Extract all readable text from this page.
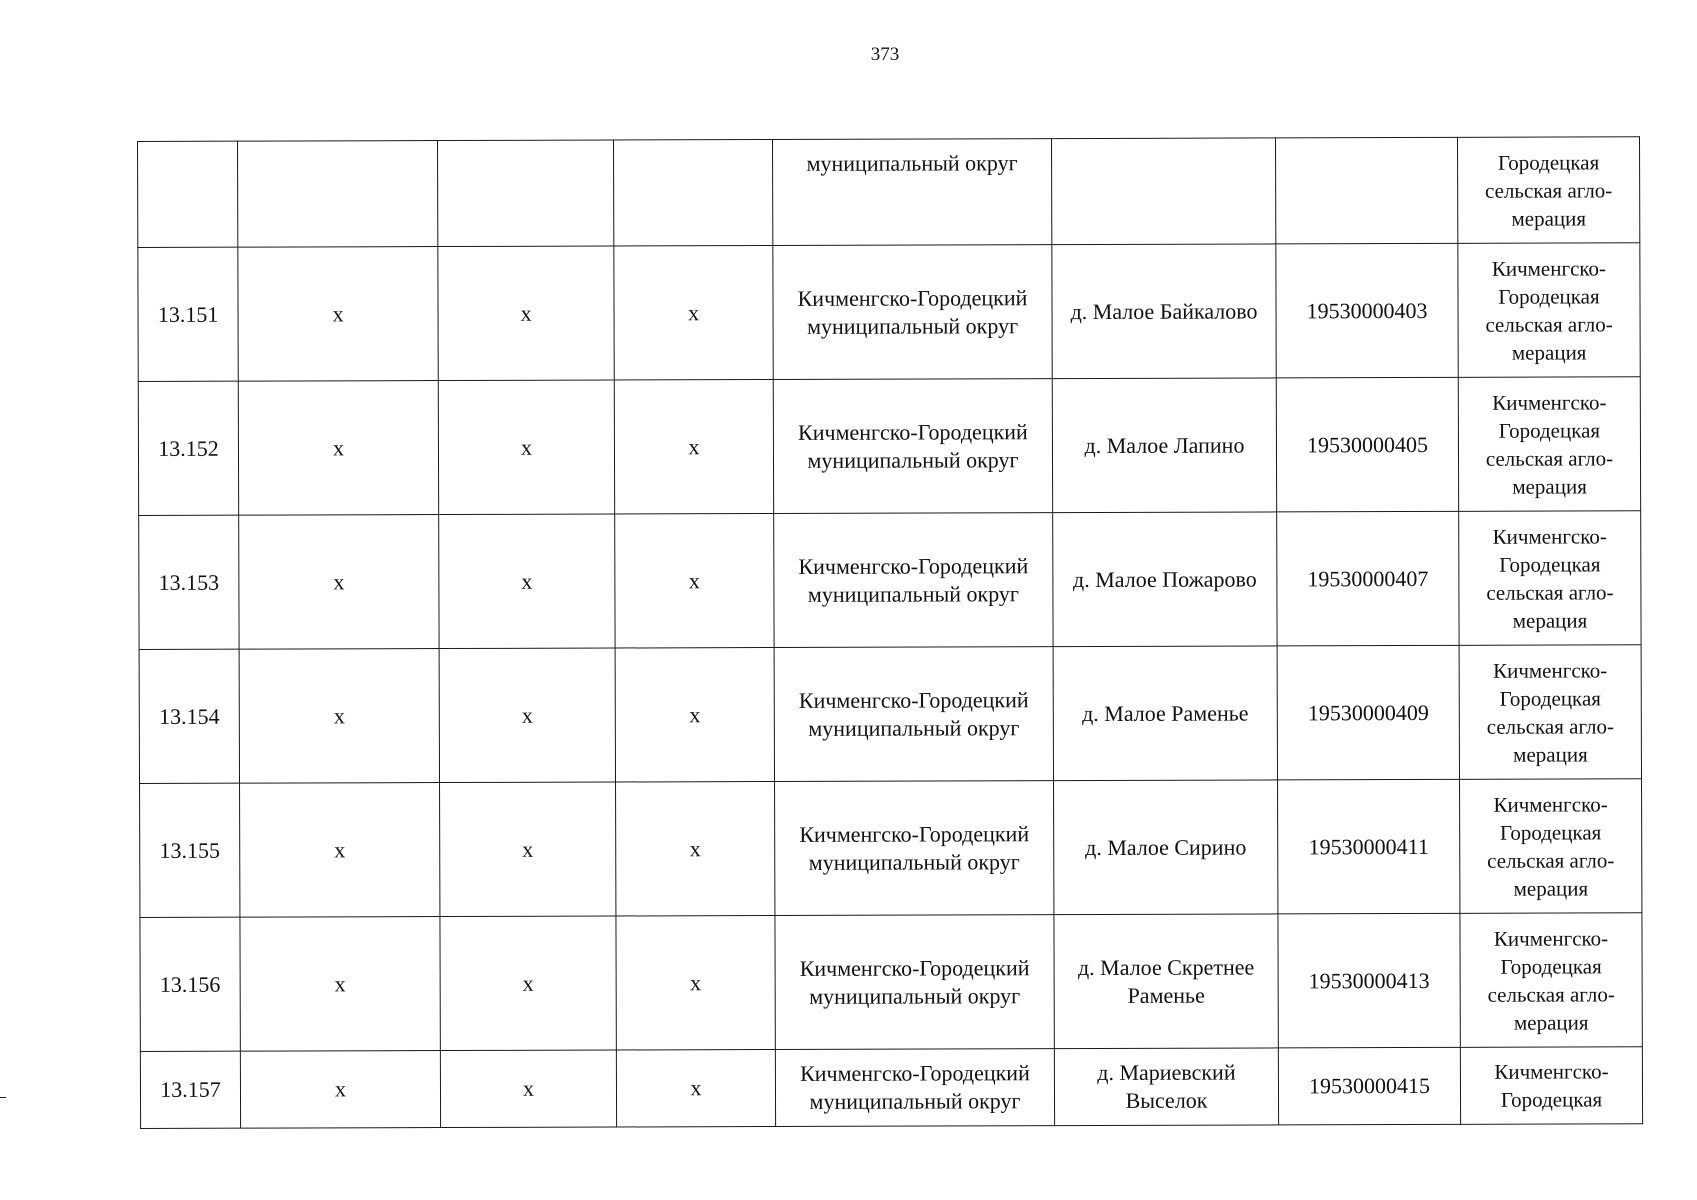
373
				муниципальный округ			Городецкая сельская агло-мерация
13.151	x	x	x	Кичменгско-Городецкий муниципальный округ	д. Малое Байкалово	19530000403	Кичменгско-Городецкая сельская агло-мерация
13.152	x	x	x	Кичменгско-Городецкий муниципальный округ	д. Малое Лапино	19530000405	Кичменгско-Городецкая сельская агло-мерация
13.153	x	x	x	Кичменгско-Городецкий муниципальный округ	д. Малое Пожарово	19530000407	Кичменгско-Городецкая сельская агло-мерация
13.154	x	x	x	Кичменгско-Городецкий муниципальный округ	д. Малое Раменье	19530000409	Кичменгско-Городецкая сельская агло-мерация
13.155	x	x	x	Кичменгско-Городецкий муниципальный округ	д. Малое Сирино	19530000411	Кичменгско-Городецкая сельская агло-мерация
13.156	x	x	x	Кичменгско-Городецкий муниципальный округ	д. Малое Скретнее Раменье	19530000413	Кичменгско-Городецкая сельская агло-мерация
13.157	x	x	x	Кичменгско-Городецкий муниципальный округ	д. Мариевский Выселок	19530000415	Кичменгско-Городецкая
